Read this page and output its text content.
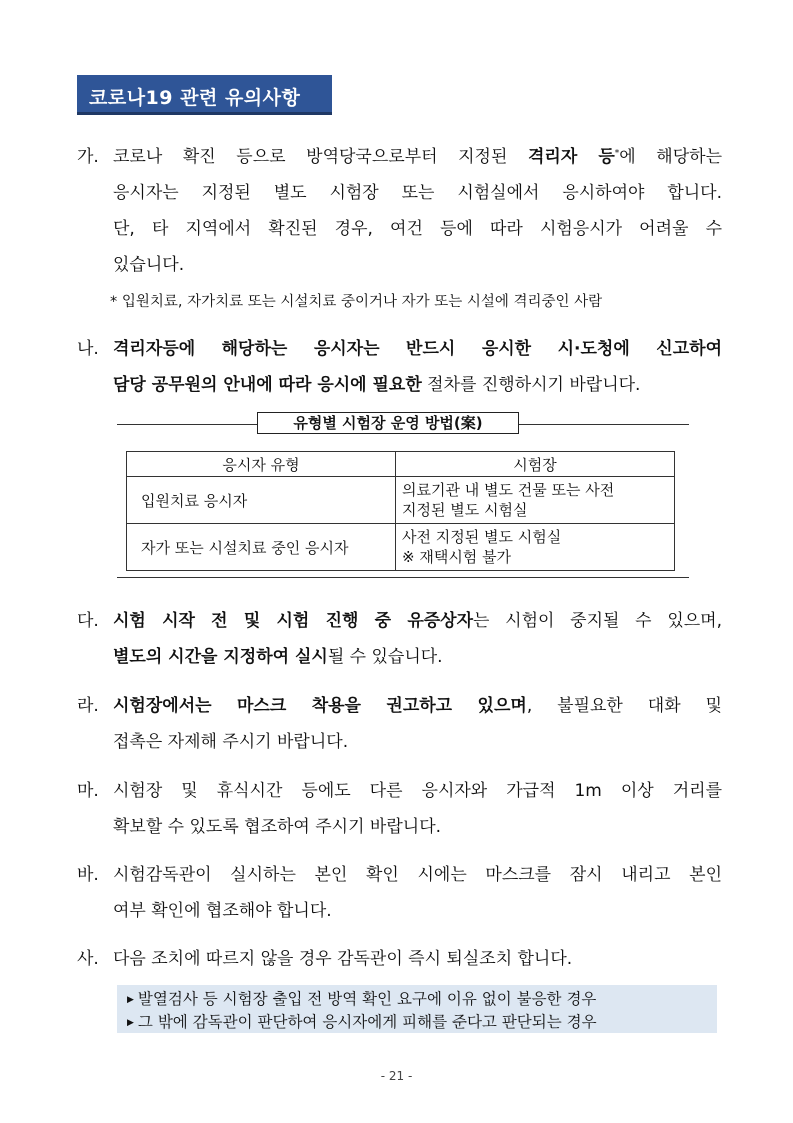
코로나19 관련 유의사항
가. 코로나 확진 등으로 방역당국으로부터 지정된 격리자 등*에 해당하는
응시자는 지정된 별도 시험장 또는 시험실에서 응시하여야 합니다.
단, 타 지역에서 확진된 경우, 여건 등에 따라 시험응시가 어려울 수
있습니다.
* 입원치료, 자가치료 또는 시설치료 중이거나 자가 또는 시설에 격리중인 사람
나. 격리자등에 해당하는 응시자는 반드시 응시한 시·도청에 신고하여
담당 공무원의 안내에 따라 응시에 필요한 절차를 진행하시기 바랍니다.
유형별 시험장 운영 방법(案)
응시자 유형	시험장
입원치료 응시자	의료기관 내 별도 건물 또는 사전
지정된 별도 시험실

자가 또는 시설치료 중인 응시자	사전 지정된 별도 시험실
※ 재택시험 불가
다. 시험 시작 전 및 시험 진행 중 유증상자는 시험이 중지될 수 있으며,
별도의 시간을 지정하여 실시될 수 있습니다.
라. 시험장에서는 마스크 착용을 권고하고 있으며, 불필요한 대화 및
접촉은 자제해 주시기 바랍니다.
마. 시험장 및 휴식시간 등에도 다른 응시자와 가급적 1m 이상 거리를
확보할 수 있도록 협조하여 주시기 바랍니다.
바. 시험감독관이 실시하는 본인 확인 시에는 마스크를 잠시 내리고 본인
여부 확인에 협조해야 합니다.
사. 다음 조치에 따르지 않을 경우 감독관이 즉시 퇴실조치 합니다.
▶ 발열검사 등 시험장 출입 전 방역 확인 요구에 이유 없이 불응한 경우
▶ 그 밖에 감독관이 판단하여 응시자에게 피해를 준다고 판단되는 경우
- 21 -
